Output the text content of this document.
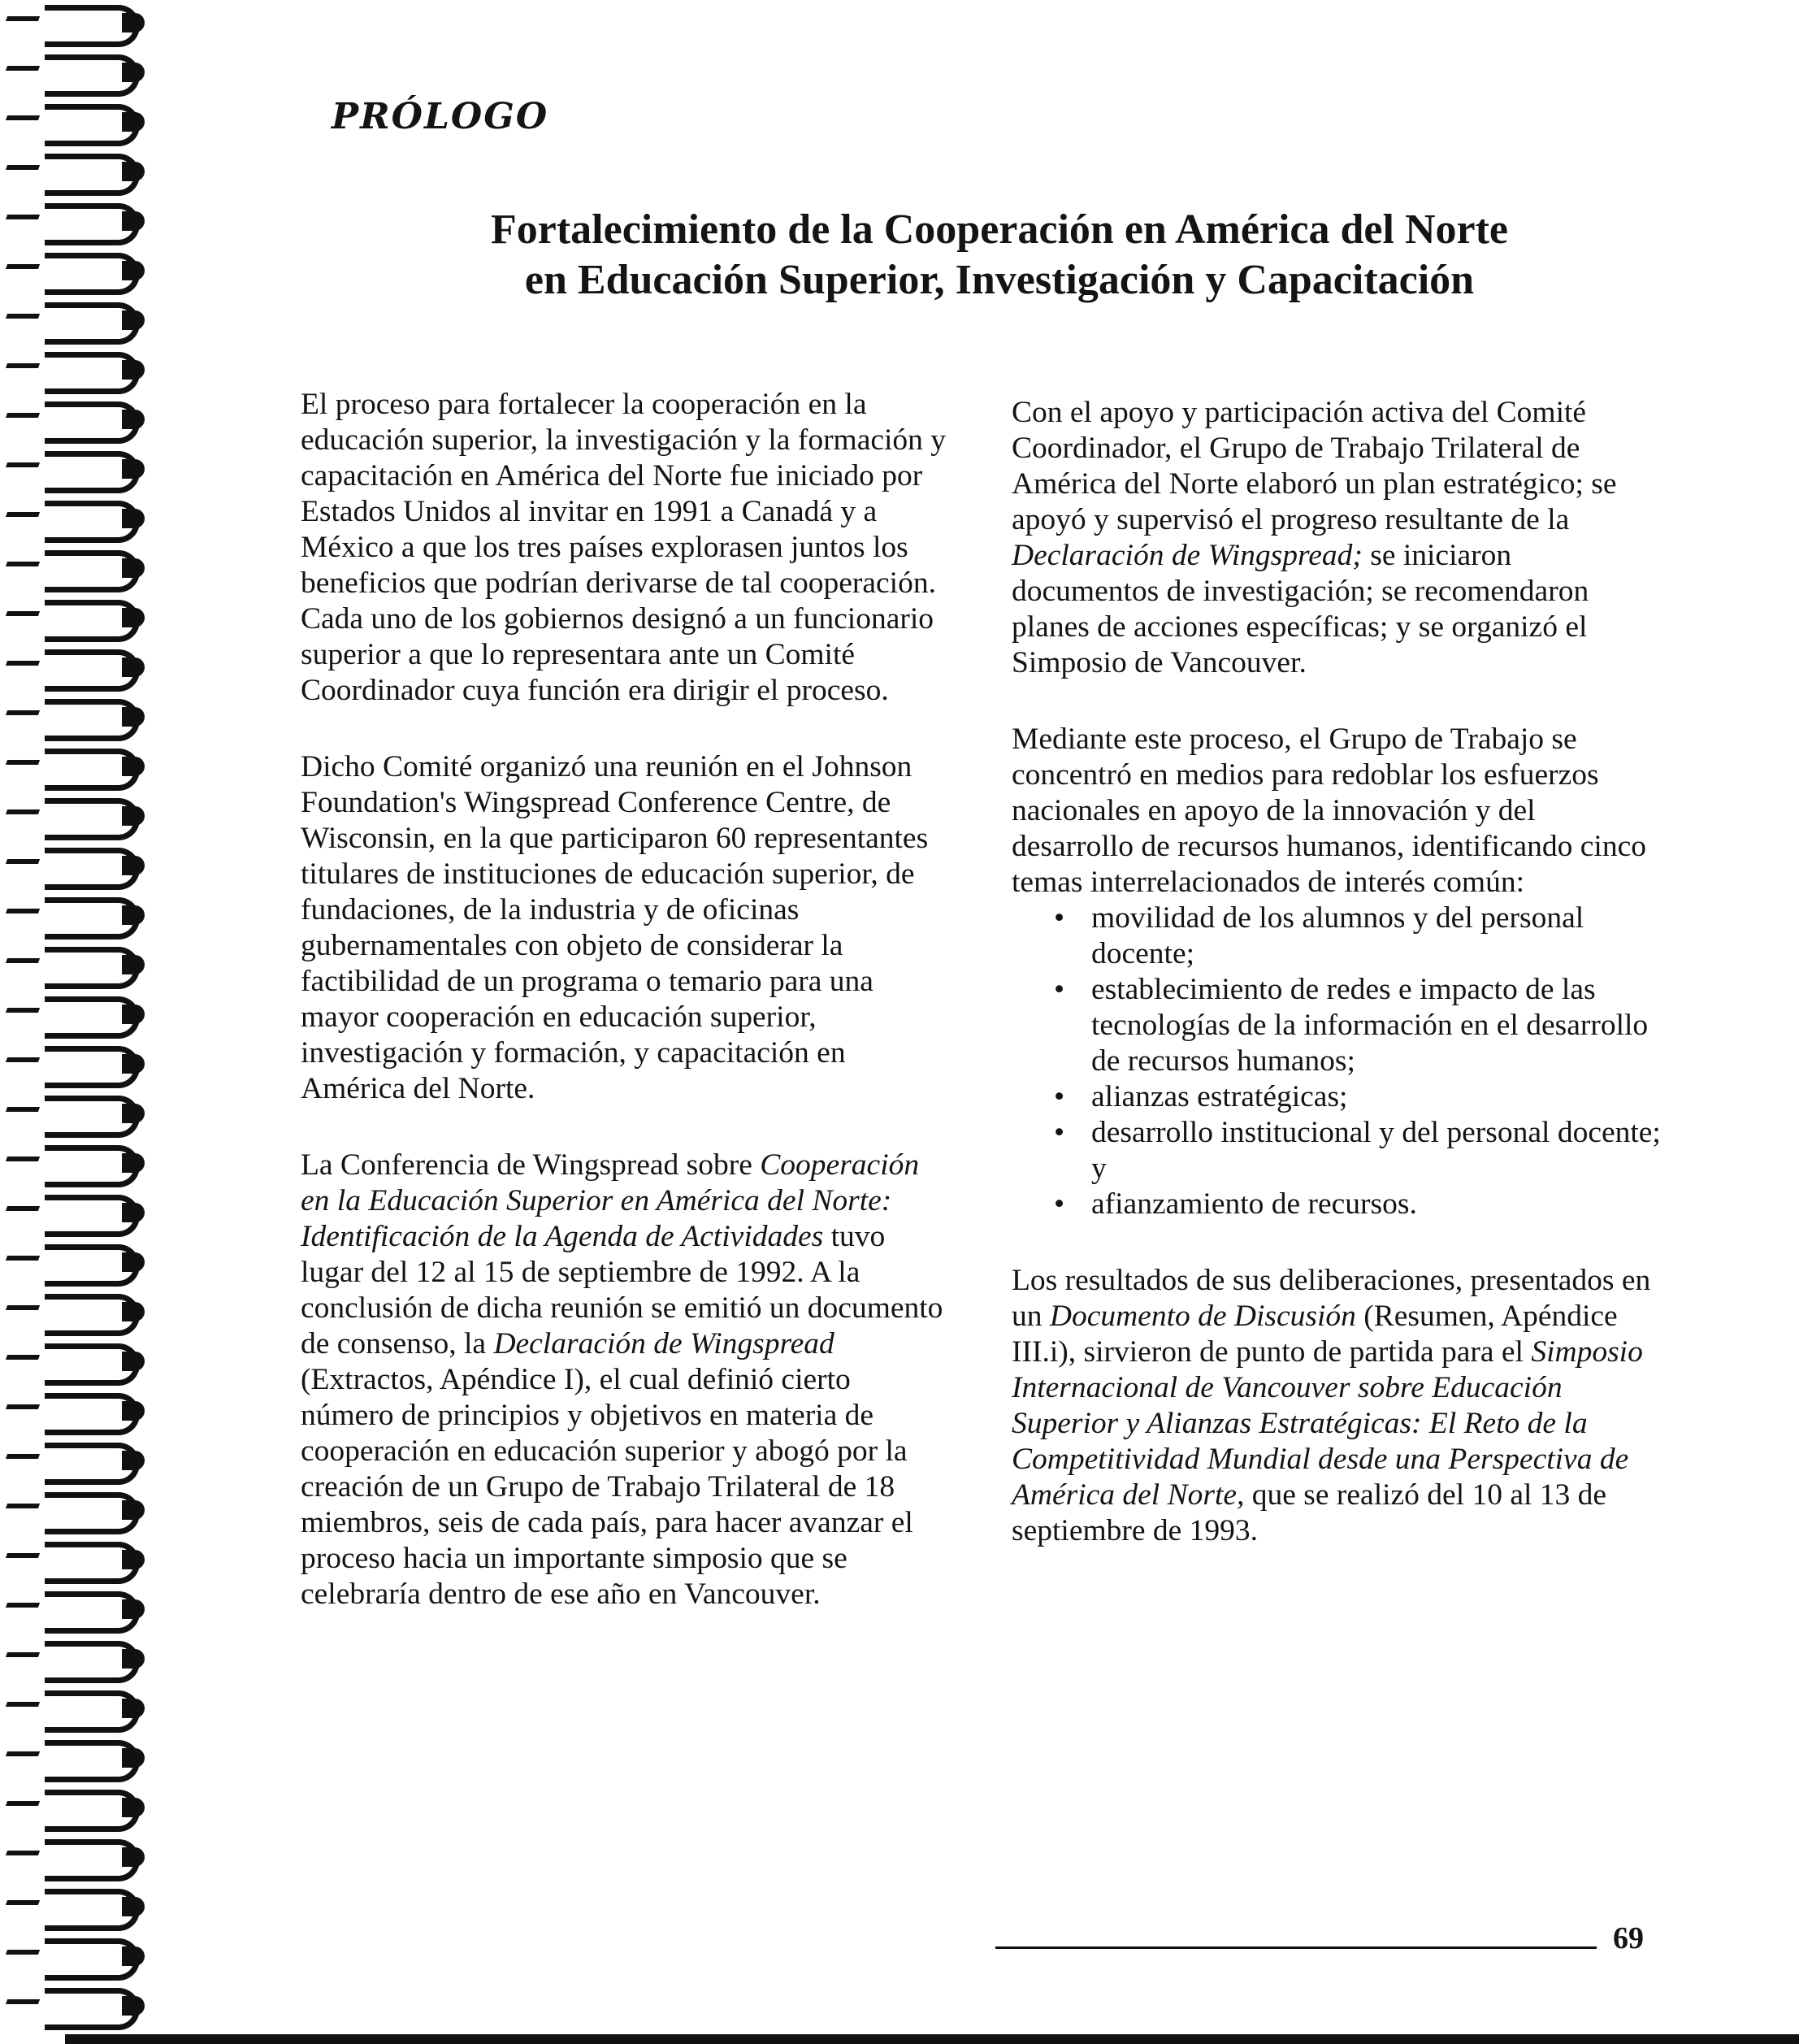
PRÓLOGO
Fortalecimiento de la Cooperación en América del Norte
en Educación Superior, Investigación y Capacitación

El proceso para fortalecer la cooperación en la educación superior, la investigación y la formación y capacitación en América del Norte fue iniciado por Estados Unidos al invitar en 1991 a Canadá y a México a que los tres países explorasen juntos los beneficios que podrían derivarse de tal cooperación. Cada uno de los gobiernos designó a un funcionario superior a que lo representara ante un Comité Coordinador cuya función era dirigir el proceso.

Dicho Comité organizó una reunión en el Johnson Foundation's Wingspread Conference Centre, de Wisconsin, en la que participaron 60 representantes titulares de instituciones de educación superior, de fundaciones, de la industria y de oficinas gubernamentales con objeto de considerar la factibilidad de un programa o temario para una mayor cooperación en educación superior, investigación y formación, y capacitación en América del Norte.

La Conferencia de Wingspread sobre Cooperación en la Educación Superior en América del Norte: Identificación de la Agenda de Actividades tuvo lugar del 12 al 15 de septiembre de 1992. A la conclusión de dicha reunión se emitió un documento de consenso, la Declaración de Wingspread (Extractos, Apéndice I), el cual definió cierto número de principios y objetivos en materia de cooperación en educación superior y abogó por la creación de un Grupo de Trabajo Trilateral de 18 miembros, seis de cada país, para hacer avanzar el proceso hacia un importante simposio que se celebraría dentro de ese año en Vancouver.

Con el apoyo y participación activa del Comité Coordinador, el Grupo de Trabajo Trilateral de América del Norte elaboró un plan estratégico; se apoyó y supervisó el progreso resultante de la Declaración de Wingspread; se iniciaron documentos de investigación; se recomendaron planes de acciones específicas; y se organizó el Simposio de Vancouver.

Mediante este proceso, el Grupo de Trabajo se concentró en medios para redoblar los esfuerzos nacionales en apoyo de la innovación y del desarrollo de recursos humanos, identificando cinco temas interrelacionados de interés común:

• movilidad de los alumnos y del personal docente;
• establecimiento de redes e impacto de las tecnologías de la información en el desarrollo de recursos humanos;
• alianzas estratégicas;
• desarrollo institucional y del personal docente; y
• afianzamiento de recursos.

Los resultados de sus deliberaciones, presentados en un Documento de Discusión (Resumen, Apéndice III.i), sirvieron de punto de partida para el Simposio Internacional de Vancouver sobre Educación Superior y Alianzas Estratégicas: El Reto de la Competitividad Mundial desde una Perspectiva de América del Norte, que se realizó del 10 al 13 de septiembre de 1993.

69
